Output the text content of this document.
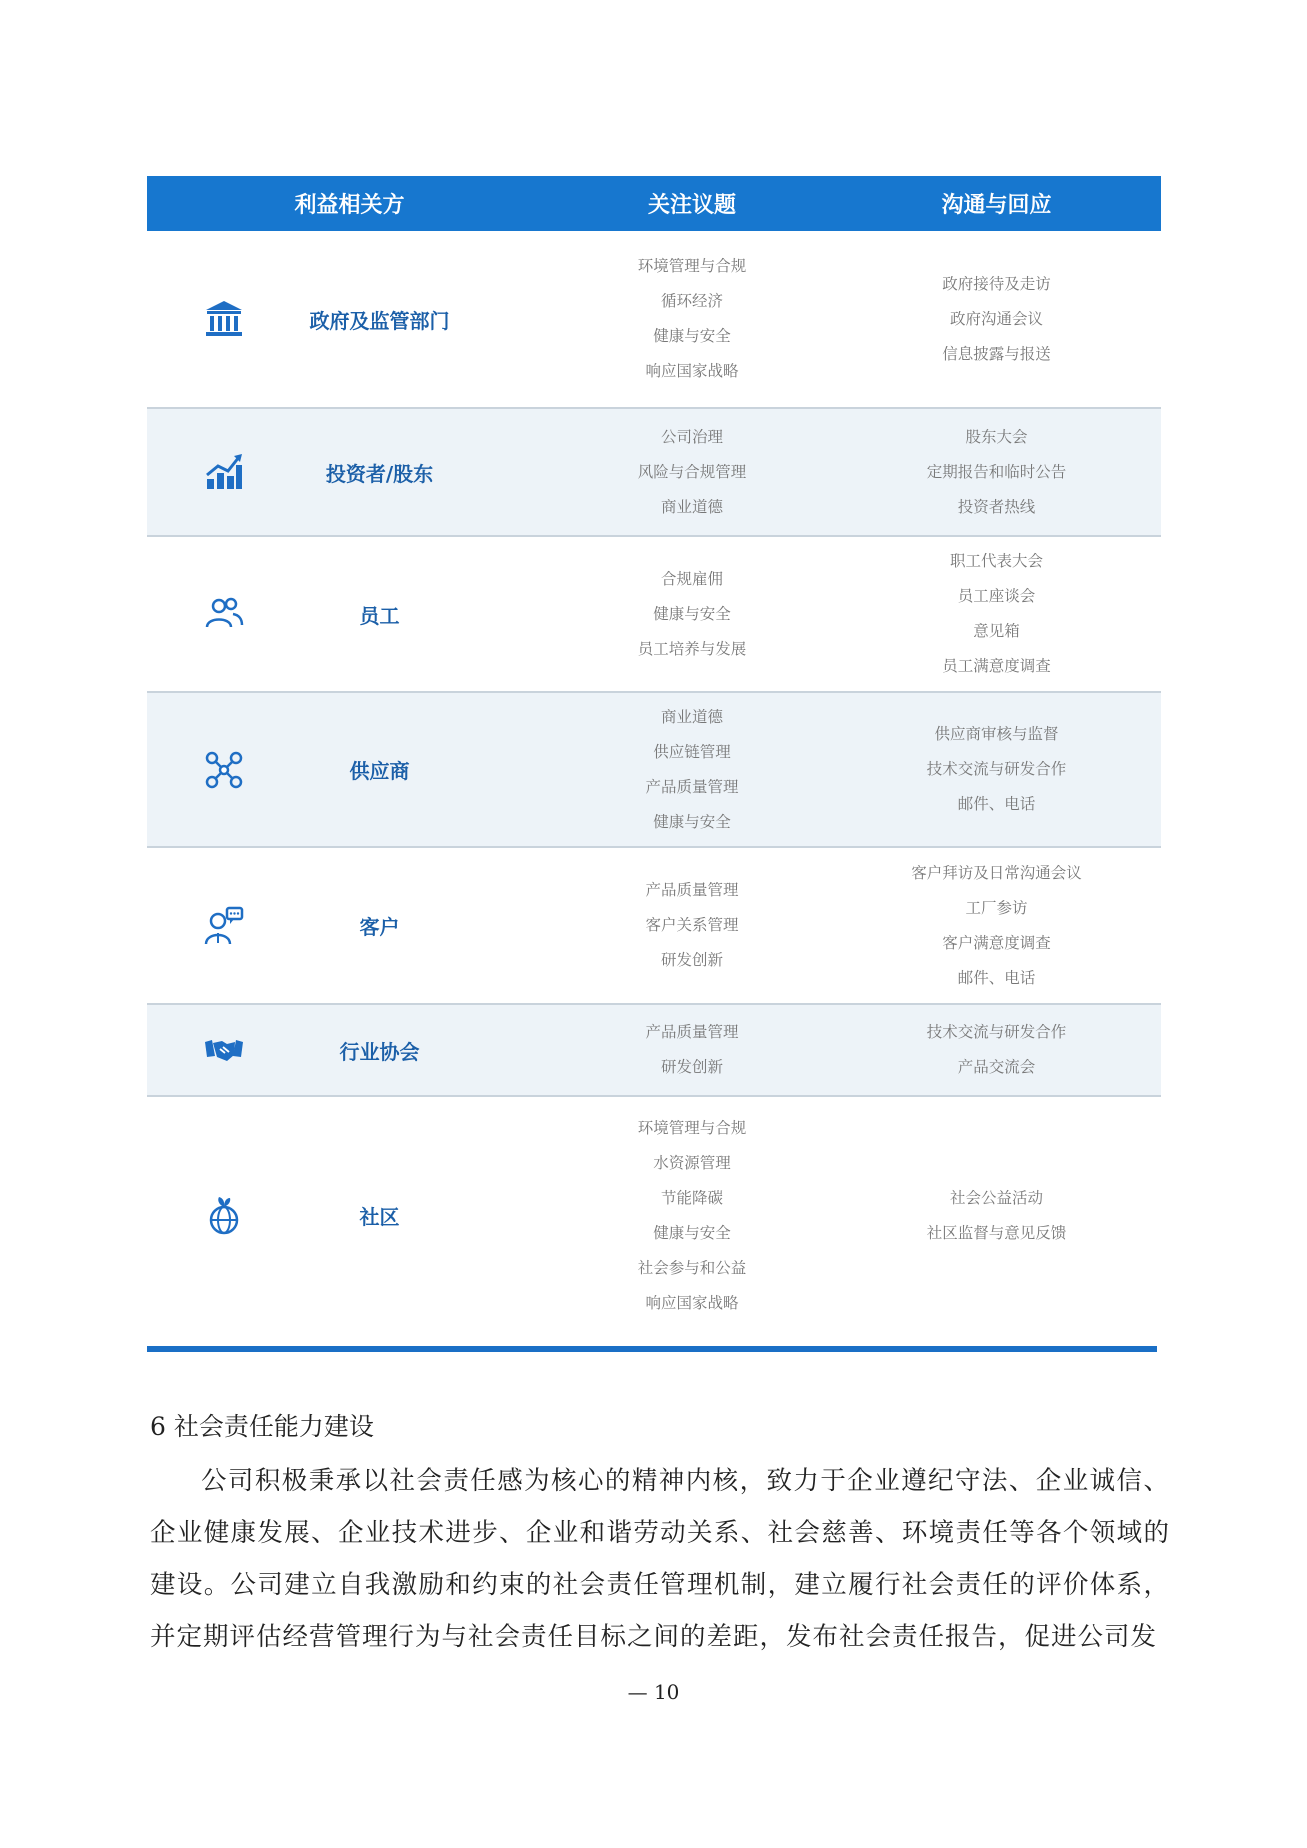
利益相关方	关注议题	沟通与回应
政府及监管部门
环境管理与合规
循环经济
健康与安全
响应国家战略
政府接待及走访
政府沟通会议
信息披露与报送
投资者/股东
公司治理
风险与合规管理
商业道德
股东大会
定期报告和临时公告
投资者热线
员工
合规雇佣
健康与安全
员工培养与发展
职工代表大会
员工座谈会
意见箱
员工满意度调查
供应商
商业道德
供应链管理
产品质量管理
健康与安全
供应商审核与监督
技术交流与研发合作
邮件、电话
客户
产品质量管理
客户关系管理
研发创新
客户拜访及日常沟通会议
工厂参访
客户满意度调查
邮件、电话
行业协会
产品质量管理
研发创新
技术交流与研发合作
产品交流会
社区
环境管理与合规
水资源管理
节能降碳
健康与安全
社会参与和公益
响应国家战略
社会公益活动
社区监督与意见反馈
6 社会责任能力建设

公司积极秉承以社会责任感为核心的精神内核，致力于企业遵纪守法、企业诚信、企业健康发展、企业技术进步、企业和谐劳动关系、社会慈善、环境责任等各个领域的建设。公司建立自我激励和约束的社会责任管理机制，建立履行社会责任的评价体系，并定期评估经营管理行为与社会责任目标之间的差距，发布社会责任报告，促进公司发

— 10
